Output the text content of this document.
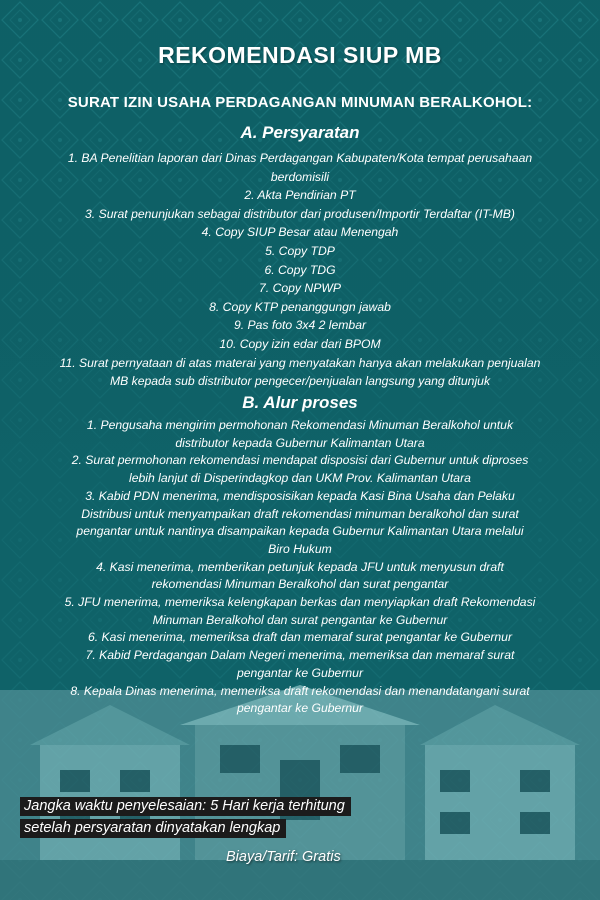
REKOMENDASI SIUP MB
SURAT IZIN USAHA PERDAGANGAN MINUMAN BERALKOHOL:
A. Persyaratan
1. BA Penelitian laporan dari Dinas Perdagangan Kabupaten/Kota tempat perusahaan
berdomisili
2. Akta Pendirian PT
3. Surat penunjukan sebagai distributor dari produsen/Importir Terdaftar (IT-MB)
4. Copy SIUP Besar atau Menengah
5. Copy TDP
6. Copy TDG
7. Copy NPWP
8. Copy KTP penanggungn jawab
9. Pas foto 3x4 2 lembar
10. Copy izin edar dari BPOM
11. Surat pernyataan di atas materai yang menyatakan hanya akan melakukan penjualan
MB kepada sub distributor pengecer/penjualan langsung yang ditunjuk
B. Alur proses
1. Pengusaha mengirim permohonan Rekomendasi Minuman Beralkohol untuk
distributor kepada Gubernur Kalimantan Utara
2. Surat permohonan rekomendasi mendapat disposisi dari Gubernur untuk diproses
lebih lanjut di Disperindagkop dan UKM Prov. Kalimantan Utara
3. Kabid PDN menerima, mendisposisikan kepada Kasi Bina Usaha dan Pelaku
Distribusi untuk menyampaikan draft rekomendasi minuman beralkohol dan surat
pengantar untuk nantinya disampaikan kepada Gubernur Kalimantan Utara melalui
Biro Hukum
4. Kasi menerima, memberikan petunjuk kepada JFU untuk menyusun draft
rekomendasi Minuman Beralkohol dan surat pengantar
5. JFU menerima, memeriksa kelengkapan berkas dan menyiapkan draft Rekomendasi
Minuman Beralkohol dan surat pengantar ke Gubernur
6. Kasi menerima, memeriksa draft dan memaraf surat pengantar ke Gubernur
7. Kabid Perdagangan Dalam Negeri menerima, memeriksa dan memaraf surat
pengantar ke Gubernur
8. Kepala Dinas menerima, memeriksa draft rekomendasi dan menandatangani surat
pengantar ke Gubernur
Jangka waktu penyelesaian: 5 Hari kerja terhitung
setelah persyaratan dinyatakan lengkap
Biaya/Tarif: Gratis
